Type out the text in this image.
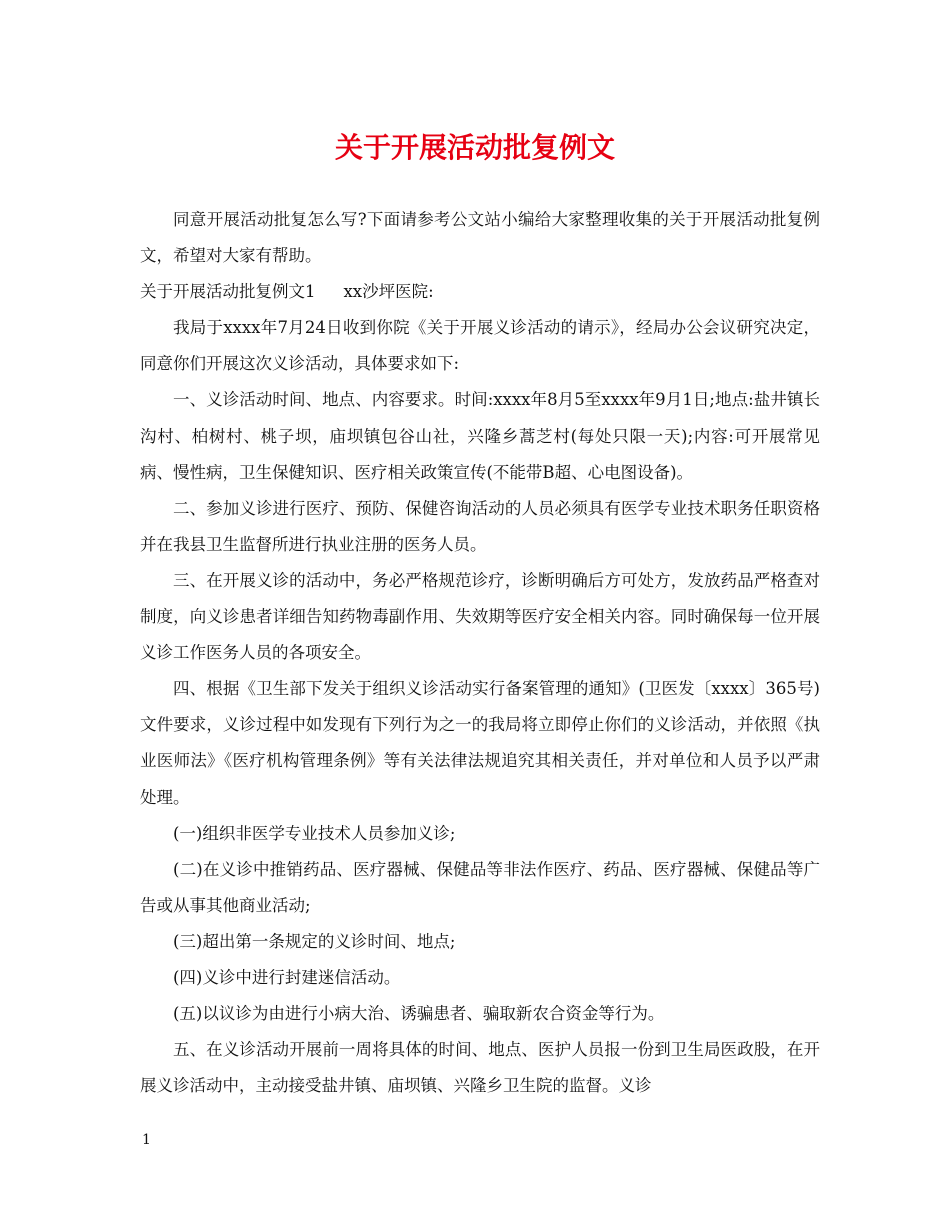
关于开展活动批复例文

同意开展活动批复怎么写?下面请参考公文站小编给大家整理收集的关于开展活动批复例文，希望对大家有帮助。

关于开展活动批复例文1 xx沙坪医院:

我局于xxxx年7月24日收到你院《关于开展义诊活动的请示》，经局办公会议研究决定，同意你们开展这次义诊活动，具体要求如下:

一、义诊活动时间、地点、内容要求。时间:xxxx年8月5至xxxx年9月1日;地点:盐井镇长沟村、柏树村、桃子坝，庙坝镇包谷山社，兴隆乡蒿芝村(每处只限一天);内容:可开展常见病、慢性病，卫生保健知识、医疗相关政策宣传(不能带B超、心电图设备)。

二、参加义诊进行医疗、预防、保健咨询活动的人员必须具有医学专业技术职务任职资格并在我县卫生监督所进行执业注册的医务人员。

三、在开展义诊的活动中，务必严格规范诊疗，诊断明确后方可处方，发放药品严格查对制度，向义诊患者详细告知药物毒副作用、失效期等医疗安全相关内容。同时确保每一位开展义诊工作医务人员的各项安全。

四、根据《卫生部下发关于组织义诊活动实行备案管理的通知》(卫医发〔xxxx〕365号)文件要求，义诊过程中如发现有下列行为之一的我局将立即停止你们的义诊活动，并依照《执业医师法》《医疗机构管理条例》等有关法律法规追究其相关责任，并对单位和人员予以严肃处理。

(一)组织非医学专业技术人员参加义诊;

(二)在义诊中推销药品、医疗器械、保健品等非法作医疗、药品、医疗器械、保健品等广告或从事其他商业活动;

(三)超出第一条规定的义诊时间、地点;

(四)义诊中进行封建迷信活动。

(五)以议诊为由进行小病大治、诱骗患者、骗取新农合资金等行为。

五、在义诊活动开展前一周将具体的时间、地点、医护人员报一份到卫生局医政股，在开展义诊活动中，主动接受盐井镇、庙坝镇、兴隆乡卫生院的监督。义诊

1
